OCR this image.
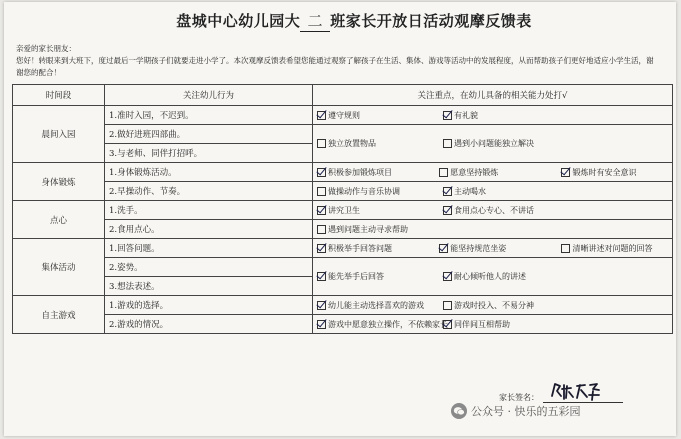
盘城中心幼儿园大 二 班家长开放日活动观摩反馈表
亲爱的家长朋友：
您好！转眼来到大班下，度过最后一学期孩子们就要走进小学了。本次观摩反馈表希望您能通过观察了解孩子在生活、集体、游戏等活动中的发展程度，从而帮助孩子们更好地适应小学生活，谢谢您的配合！
时间段	关注幼儿行为	关注重点，在幼儿具备的相关能力处打√
晨间入园	1.准时入园，不迟到。	遵守规则 有礼貌

	2.做好进班四部曲。	独立放置物品 遇到小问题能独立解决

	3.与老师、同伴打招呼。	
身体锻炼	1.身体锻炼活动。	积极参加锻炼项目 愿意坚持锻炼 锻炼时有安全意识

	2.早操动作、节奏。	做操动作与音乐协调 主动喝水

点心	1.洗手。	讲究卫生 食用点心专心、不讲话

	2.食用点心。	遇到问题主动寻求帮助

集体活动	1.回答问题。	积极举手回答问题 能坚持规范坐姿 清晰讲述对问题的回答

	2.姿势。	能先举手后回答 耐心倾听他人的讲述

	3.想法表述。	
自主游戏	1.游戏的选择。	幼儿能主动选择喜欢的游戏 游戏时投入、不易分神

	2.游戏的情况。	游戏中愿意独立操作，不依赖家长 同伴间互相帮助
家长签名：
公众号 · 快乐的五彩园
